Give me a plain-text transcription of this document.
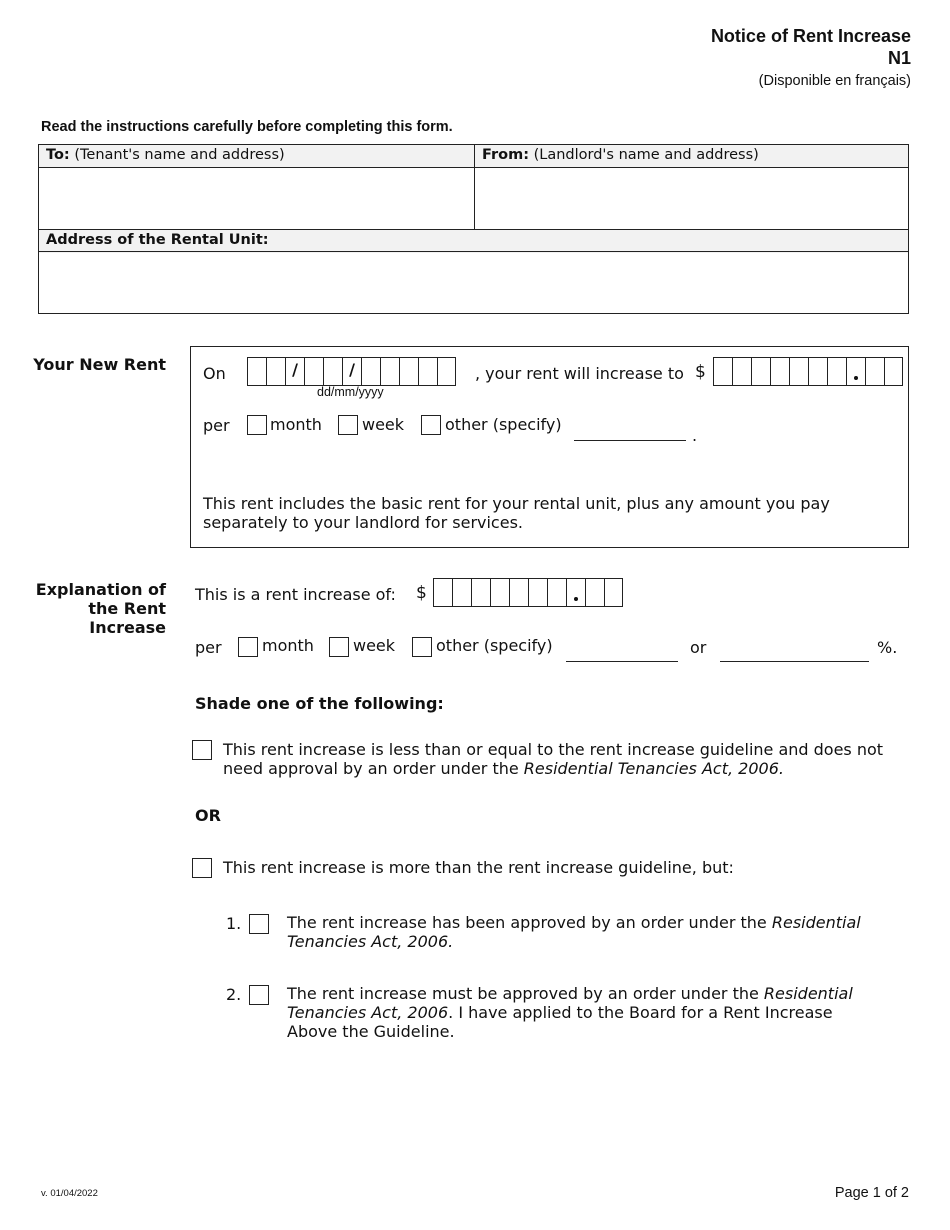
Notice of Rent Increase
N1
(Disponible en français)
Read the instructions carefully before completing this form.
To: (Tenant's name and address)	From: (Landlord's name and address)
Address of the Rental Unit:
Your New Rent On	/	/
dd/mm/yyyy
, your rent will increase to $
per	month	week	other (specify)
.
This rent includes the basic rent for your rental unit, plus any amount you pay separately to your landlord for services.
Explanation of the Rent Increase
This is a rent increase of: $
per	month week	other (specify)	or	%.
Shade one of the following:
This rent increase is less than or equal to the rent increase guideline and does not need approval by an order under the Residential Tenancies Act, 2006.
OR
This rent increase is more than the rent increase guideline, but:
1.	The rent increase has been approved by an order under the Residential Tenancies Act, 2006.
2.	The rent increase must be approved by an order under the Residential Tenancies Act, 2006. I have applied to the Board for a Rent Increase Above the Guideline.
v. 01/04/2022	Page 1 of 2
